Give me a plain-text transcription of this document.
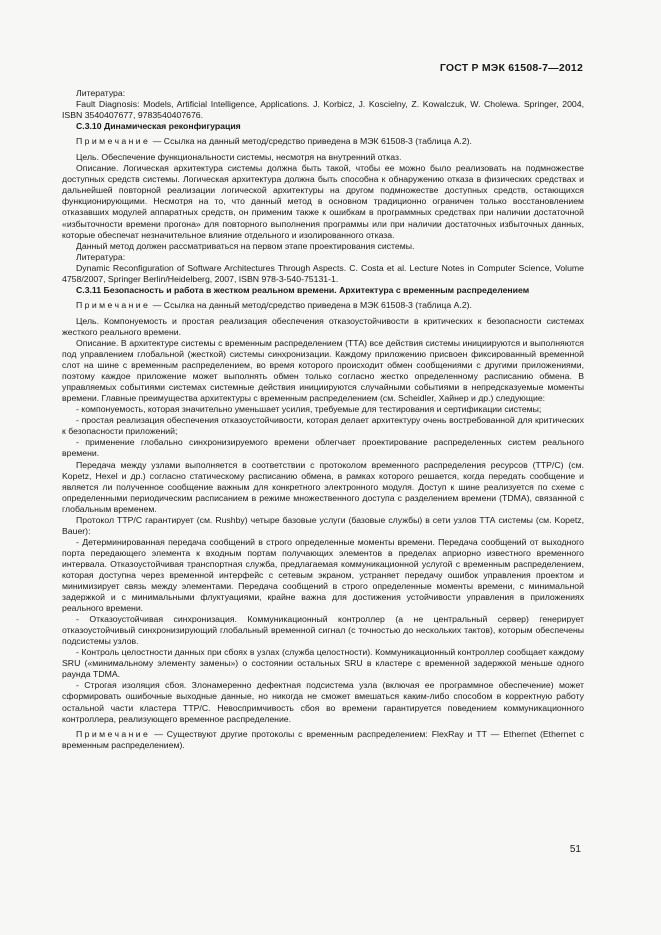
ГОСТ Р МЭК 61508-7—2012

Литература:

Fault Diagnosis: Models, Artificial Intelligence, Applications. J. Korbicz, J. Koscielny, Z. Kowalczuk, W. Cholewa. Springer, 2004, ISBN 3540407677, 9783540407676.

C.3.10 Динамическая реконфигурация

Примечание — Ссылка на данный метод/средство приведена в МЭК 61508-3 (таблица А.2).

Цель. Обеспечение функциональности системы, несмотря на внутренний отказ.

Описание. Логическая архитектура системы должна быть такой, чтобы ее можно было реализовать на подмножестве доступных средств системы. Логическая архитектура должна быть способна к обнаружению отказа в физических средствах и дальнейшей повторной реализации логической архитектуры на другом подмножестве доступных средств, остающихся функционирующими. Несмотря на то, что данный метод в основном традиционно ограничен только восстановлением отказавших модулей аппаратных средств, он применим также к ошибкам в программных средствах при наличии достаточной «избыточности времени прогона» для повторного выполнения программы или при наличии достаточных избыточных данных, которые обеспечат незначительное влияние отдельного и изолированного отказа.

Данный метод должен рассматриваться на первом этапе проектирования системы.

Литература:

Dynamic Reconfiguration of Software Architectures Through Aspects. C. Costa et al. Lecture Notes in Computer Science, Volume 4758/2007, Springer Berlin/Heidelberg, 2007, ISBN 978-3-540-75131-1.

C.3.11 Безопасность и работа в жестком реальном времени. Архитектура с временным распределением

Примечание — Ссылка на данный метод/средство приведена в МЭК 61508-3 (таблица А.2).

Цель. Компонуемость и простая реализация обеспечения отказоустойчивости в критических к безопасности системах жесткого реального времени.

Описание. В архитектуре системы с временным распределением (ТТА) все действия системы инициируются и выполняются под управлением глобальной (жесткой) системы синхронизации. Каждому приложению присвоен фиксированный временной слот на шине с временным распределением, во время которого происходит обмен сообщениями с другими приложениями, поэтому каждое приложение может выполнять обмен только согласно жестко определенному расписанию обмена. В управляемых событиями системах системные действия инициируются случайными событиями в непредсказуемые моменты времени. Главные преимущества архитектуры с временным распределением (см. Scheidler, Хайнер и др.) следующие:

- компонуемость, которая значительно уменьшает усилия, требуемые для тестирования и сертификации системы;

- простая реализация обеспечения отказоустойчивости, которая делает архитектуру очень востребованной для критических к безопасности приложений;

- применение глобально синхронизируемого времени облегчает проектирование распределенных систем реального времени.

Передача между узлами выполняется в соответствии с протоколом временного распределения ресурсов (TTP/C) (см. Kopetz, Hexel и др.) согласно статическому расписанию обмена, в рамках которого решается, когда передать сообщение и является ли полученное сообщение важным для конкретного электронного модуля. Доступ к шине реализуется по схеме с определенными периодическим расписанием в режиме множественного доступа с разделением времени (TDMA), связанной с глобальным временем.

Протокол TTP/C гарантирует (см. Rushby) четыре базовые услуги (базовые службы) в сети узлов ТТА системы (см. Kopetz, Bauer):

- Детерминированная передача сообщений в строго определенные моменты времени. Передача сообщений от выходного порта передающего элемента к входным портам получающих элементов в пределах априорно известного временного интервала. Отказоустойчивая транспортная служба, предлагаемая коммуникационной услугой с временным распределением, которая доступна через временной интерфейс с сетевым экраном, устраняет передачу ошибок управления проектом и минимизирует связь между элементами. Передача сообщений в строго определенные моменты времени, с минимальной задержкой и с минимальными флуктуациями, крайне важна для достижения устойчивости управления в приложениях реального времени.

- Отказоустойчивая синхронизация. Коммуникационный контроллер (а не центральный сервер) генерирует отказоустойчивый синхронизирующий глобальный временной сигнал (с точностью до нескольких тактов), которым обеспечены подсистемы узлов.

- Контроль целостности данных при сбоях в узлах (служба целостности). Коммуникационный контроллер сообщает каждому SRU («минимальному элементу замены») о состоянии остальных SRU в кластере с временной задержкой меньше одного раунда TDMA.

- Строгая изоляция сбоя. Злонамеренно дефектная подсистема узла (включая ее программное обеспечение) может сформировать ошибочные выходные данные, но никогда не сможет вмешаться каким-либо способом в корректную работу остальной части кластера TTP/C. Невоспримчивость сбоя во времени гарантируется поведением коммуникационного контроллера, реализующего временное распределение.

Примечание — Существуют другие протоколы с временным распределением: FlexRay и TT — Ethernet (Ethernet с временным распределением).

51
